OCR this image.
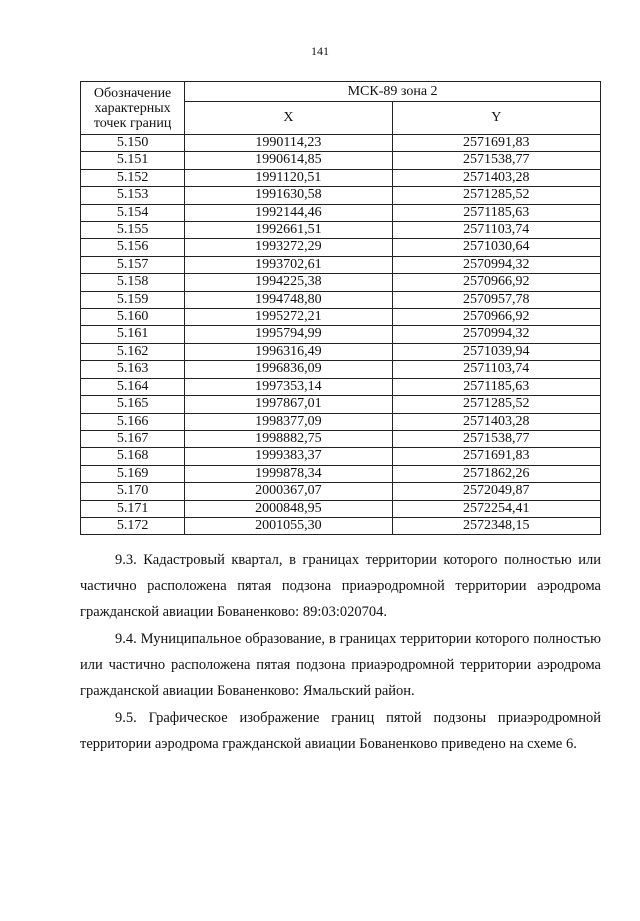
141
Обозначение характерных точек границ	МСК-89 зона 2	
	X	Y
5.150	1990114,23	2571691,83
5.151	1990614,85	2571538,77
5.152	1991120,51	2571403,28
5.153	1991630,58	2571285,52
5.154	1992144,46	2571185,63
5.155	1992661,51	2571103,74
5.156	1993272,29	2571030,64
5.157	1993702,61	2570994,32
5.158	1994225,38	2570966,92
5.159	1994748,80	2570957,78
5.160	1995272,21	2570966,92
5.161	1995794,99	2570994,32
5.162	1996316,49	2571039,94
5.163	1996836,09	2571103,74
5.164	1997353,14	2571185,63
5.165	1997867,01	2571285,52
5.166	1998377,09	2571403,28
5.167	1998882,75	2571538,77
5.168	1999383,37	2571691,83
5.169	1999878,34	2571862,26
5.170	2000367,07	2572049,87
5.171	2000848,95	2572254,41
5.172	2001055,30	2572348,15

9.3. Кадастровый квартал, в границах территории которого полностью или частично расположена пятая подзона приаэродромной территории аэродрома гражданской авиации Бованенково: 89:03:020704.

9.4. Муниципальное образование, в границах территории которого полностью или частично расположена пятая подзона приаэродромной территории аэродрома гражданской авиации Бованенково: Ямальский район.

9.5. Графическое изображение границ пятой подзоны приаэродромной территории аэродрома гражданской авиации Бованенково приведено на схеме 6.
